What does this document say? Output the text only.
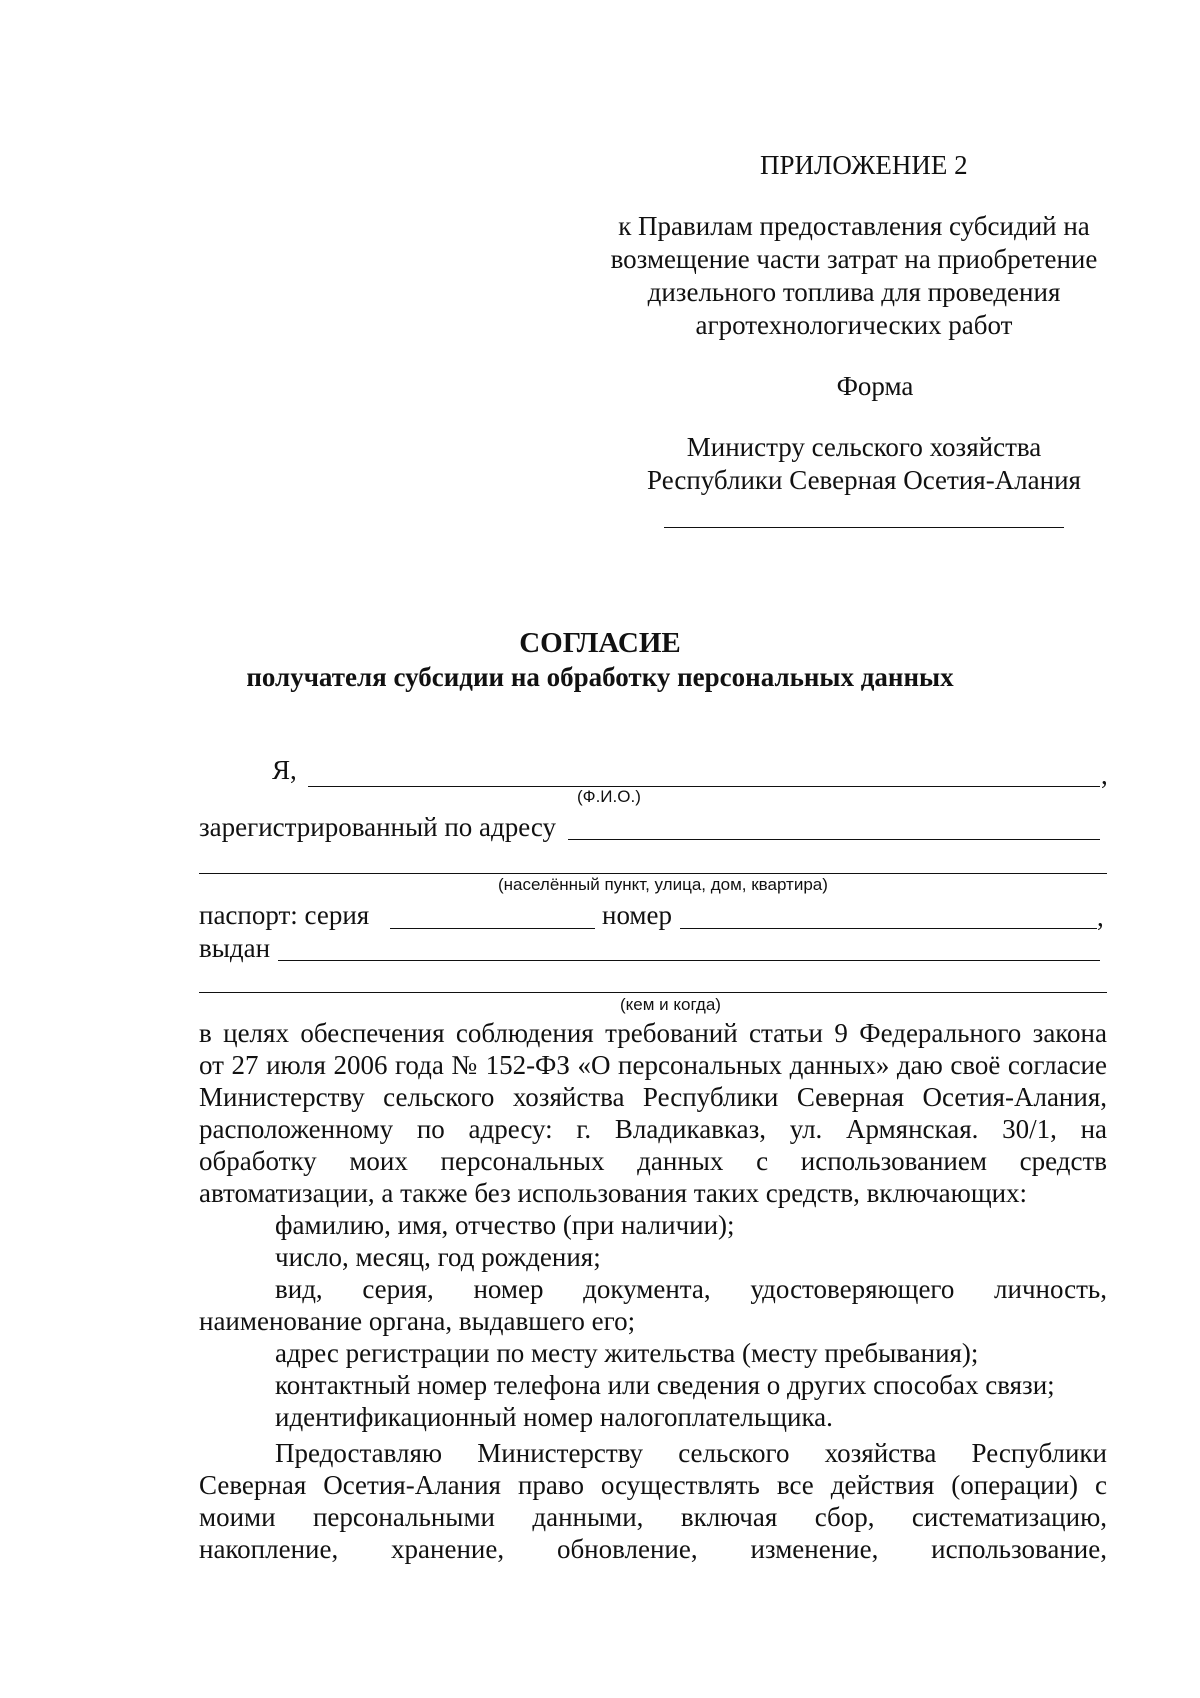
ПРИЛОЖЕНИЕ 2
к Правилам предоставления субсидий на
возмещение части затрат на приобретение
дизельного топлива для проведения
агротехнологических работ
Форма
Министру сельского хозяйства
Республики Северная Осетия-Алания
СОГЛАСИЕ
получателя субсидии на обработку персональных данных
Я,	,
(Ф.И.О.)
зарегистрированный по адресу
(населённый пункт, улица, дом, квартира)
паспорт: серия	номер	,
выдан
(кем и когда)
в целях обеспечения соблюдения требований статьи 9 Федерального закона
от 27 июля 2006 года № 152-ФЗ «О персональных данных» даю своё согласие
Министерству сельского хозяйства Республики Северная Осетия-Алания,
расположенному по адресу: г. Владикавказ, ул. Армянская. 30/1, на
обработку моих персональных данных с использованием средств
автоматизации, а также без использования таких средств, включающих:
фамилию, имя, отчество (при наличии);
число, месяц, год рождения;
вид, серия, номер документа, удостоверяющего личность,
наименование органа, выдавшего его;
адрес регистрации по месту жительства (месту пребывания);
контактный номер телефона или сведения о других способах связи;
идентификационный номер налогоплательщика.
Предоставляю Министерству сельского хозяйства Республики
Северная Осетия-Алания право осуществлять все действия (операции) с
моими персональными данными, включая сбор, систематизацию,
накопление, хранение, обновление, изменение, использование,
